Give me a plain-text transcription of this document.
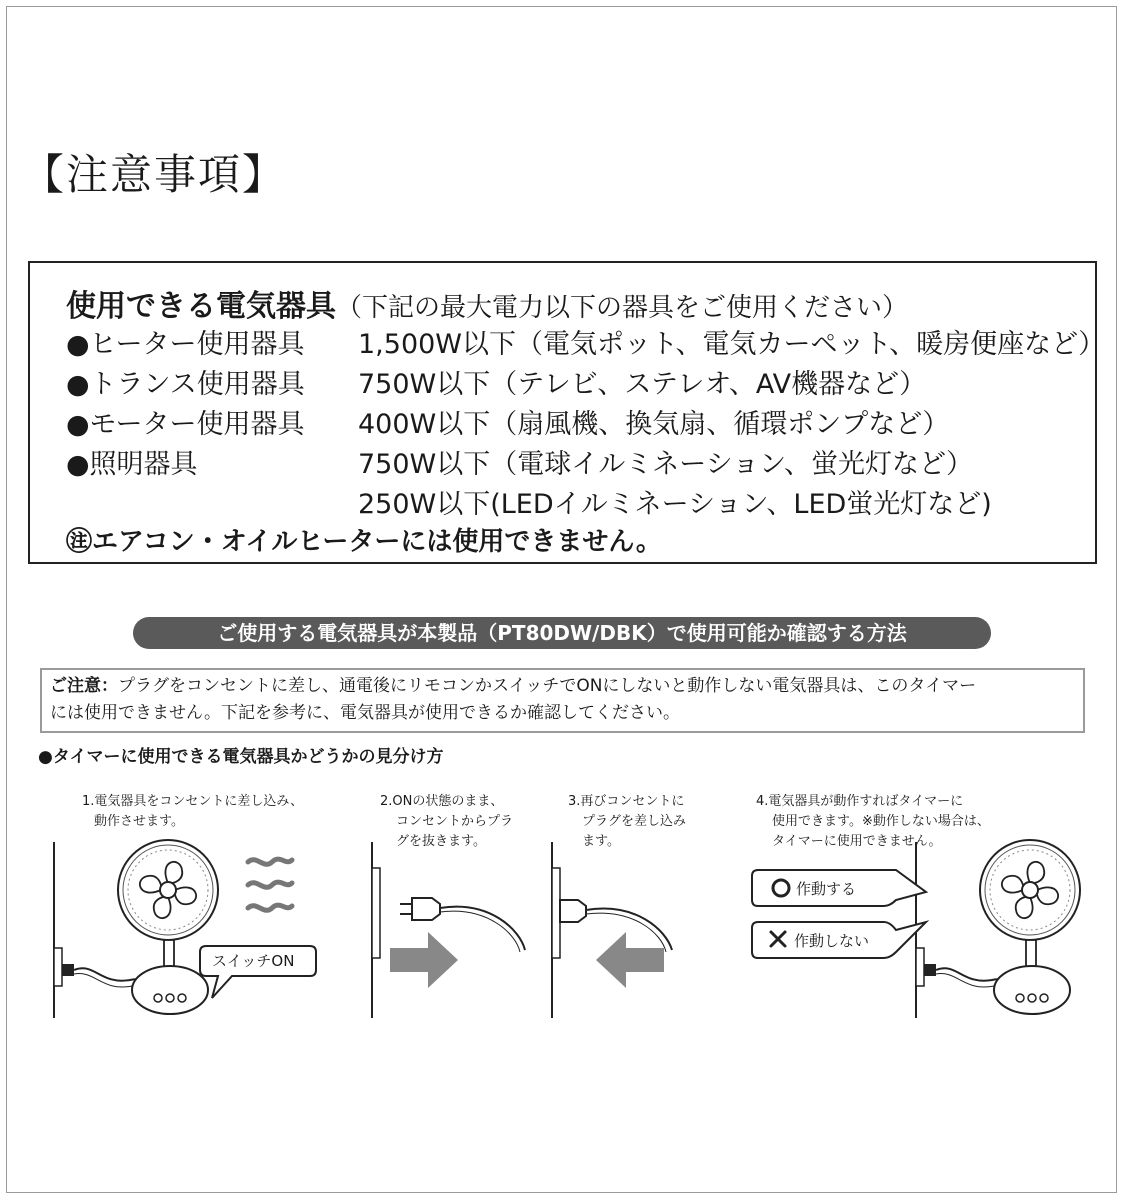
【注意事項】
使用できる電気器具（下記の最大電力以下の器具をご使用ください）
●ヒーター使用器具 1,500W以下（電気ポット、電気カーペット、暖房便座など）
●トランス使用器具 750W以下（テレビ、ステレオ、AV機器など）
●モーター使用器具 400W以下（扇風機、換気扇、循環ポンプなど）
●照明器具	750W以下（電球イルミネーション、蛍光灯など）
250W以下(LEDイルミネーション、LED蛍光灯など)
㊟エアコン・オイルヒーターには使用できません。
ご使用する電気器具が本製品（PT80DW/DBK）で使用可能か確認する方法
ご注意：プラグをコンセントに差し、通電後にリモコンかスイッチでONにしないと動作しない電気器具は、このタイマー
には使用できません。下記を参考に、電気器具が使用できるか確認してください。
●タイマーに使用できる電気器具かどうかの見分け方
1.電気器具をコンセントに差し込み、
動作させます。
2.ONの状態のまま、
コンセントからプラ
グを抜きます。
3.再びコンセントに
プラグを差し込み
ます。
4.電気器具が動作すればタイマーに
使用できます。※動作しない場合は、
タイマーに使用できません。
スイッチON
作動する
作動しない
